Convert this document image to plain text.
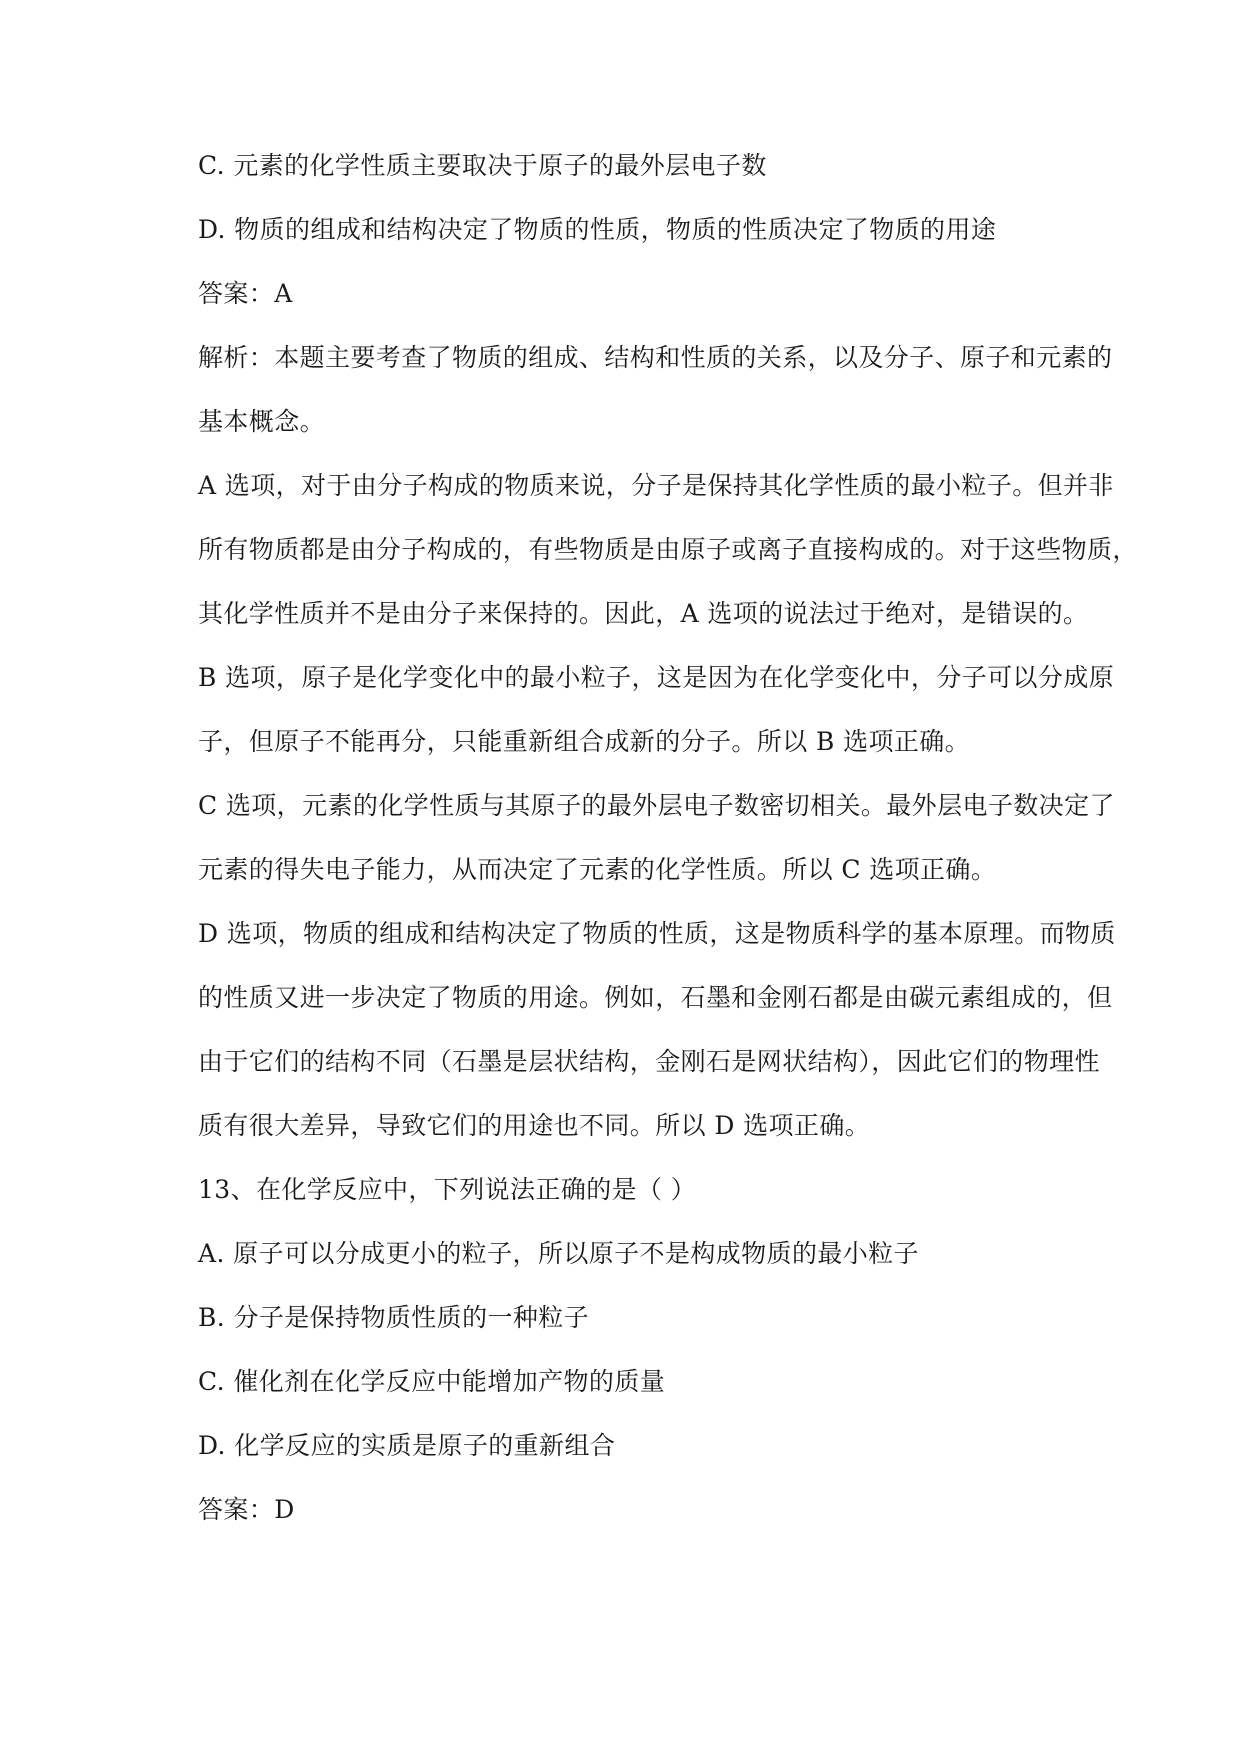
C. 元素的化学性质主要取决于原子的最外层电子数
D. 物质的组成和结构决定了物质的性质，物质的性质决定了物质的用途
答案：A
解析：本题主要考查了物质的组成、结构和性质的关系，以及分子、原子和元素的
基本概念。
A 选项，对于由分子构成的物质来说，分子是保持其化学性质的最小粒子。但并非
所有物质都是由分子构成的，有些物质是由原子或离子直接构成的。对于这些物质，
其化学性质并不是由分子来保持的。因此，A 选项的说法过于绝对，是错误的。
B 选项，原子是化学变化中的最小粒子，这是因为在化学变化中，分子可以分成原
子，但原子不能再分，只能重新组合成新的分子。所以 B 选项正确。
C 选项，元素的化学性质与其原子的最外层电子数密切相关。最外层电子数决定了
元素的得失电子能力，从而决定了元素的化学性质。所以 C 选项正确。
D 选项，物质的组成和结构决定了物质的性质，这是物质科学的基本原理。而物质
的性质又进一步决定了物质的用途。例如，石墨和金刚石都是由碳元素组成的，但
由于它们的结构不同（石墨是层状结构，金刚石是网状结构），因此它们的物理性
质有很大差异，导致它们的用途也不同。所以 D 选项正确。
13、在化学反应中，下列说法正确的是（ ）
A. 原子可以分成更小的粒子，所以原子不是构成物质的最小粒子
B. 分子是保持物质性质的一种粒子
C. 催化剂在化学反应中能增加产物的质量
D. 化学反应的实质是原子的重新组合
答案：D
